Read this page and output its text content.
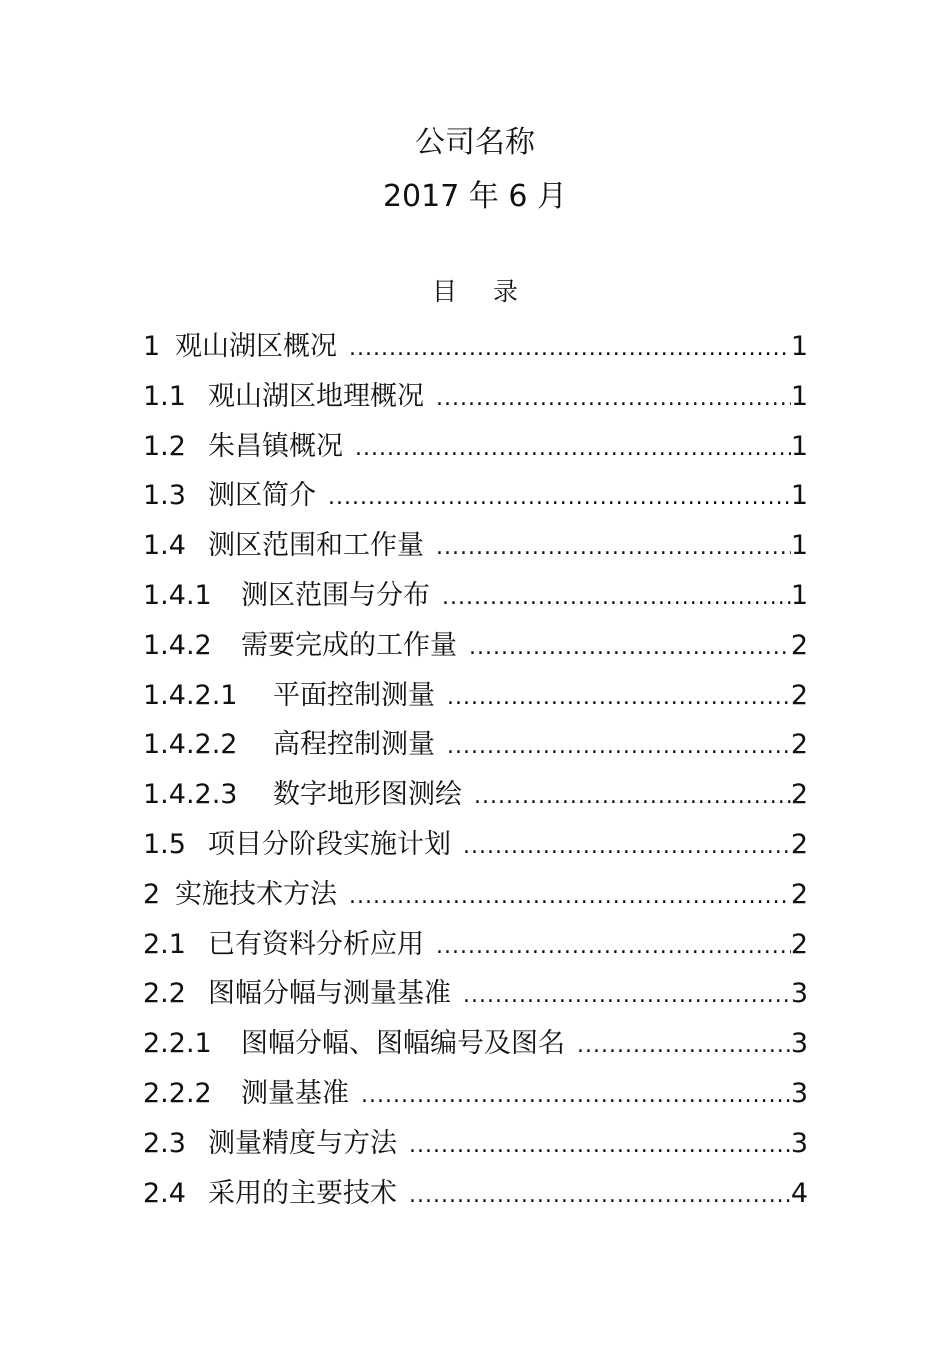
公司名称
2017 年 6 月
目 录
1 观山湖区概况 .....	1
1.1 观山湖区地理概况 .....	1
1.2 朱昌镇概况 .....	1
1.3 测区简介 .....	1
1.4 测区范围和工作量 .....	1
1.4.1	测区范围与分布 .....	1
1.4.2	需要完成的工作量 .....	2
1.4.2.1	平面控制测量 .....	2
1.4.2.2	高程控制测量 .....	2
1.4.2.3	数字地形图测绘 .....	2
1.5 项目分阶段实施计划 .....	2
2 实施技术方法 .....	2
2.1 已有资料分析应用 .....	2
2.2 图幅分幅与测量基准 .....	3
2.2.1	图幅分幅、图幅编号及图名 .....	3
2.2.2	测量基准 .....	3
2.3 测量精度与方法 .....	3
2.4 采用的主要技术 .....	4
